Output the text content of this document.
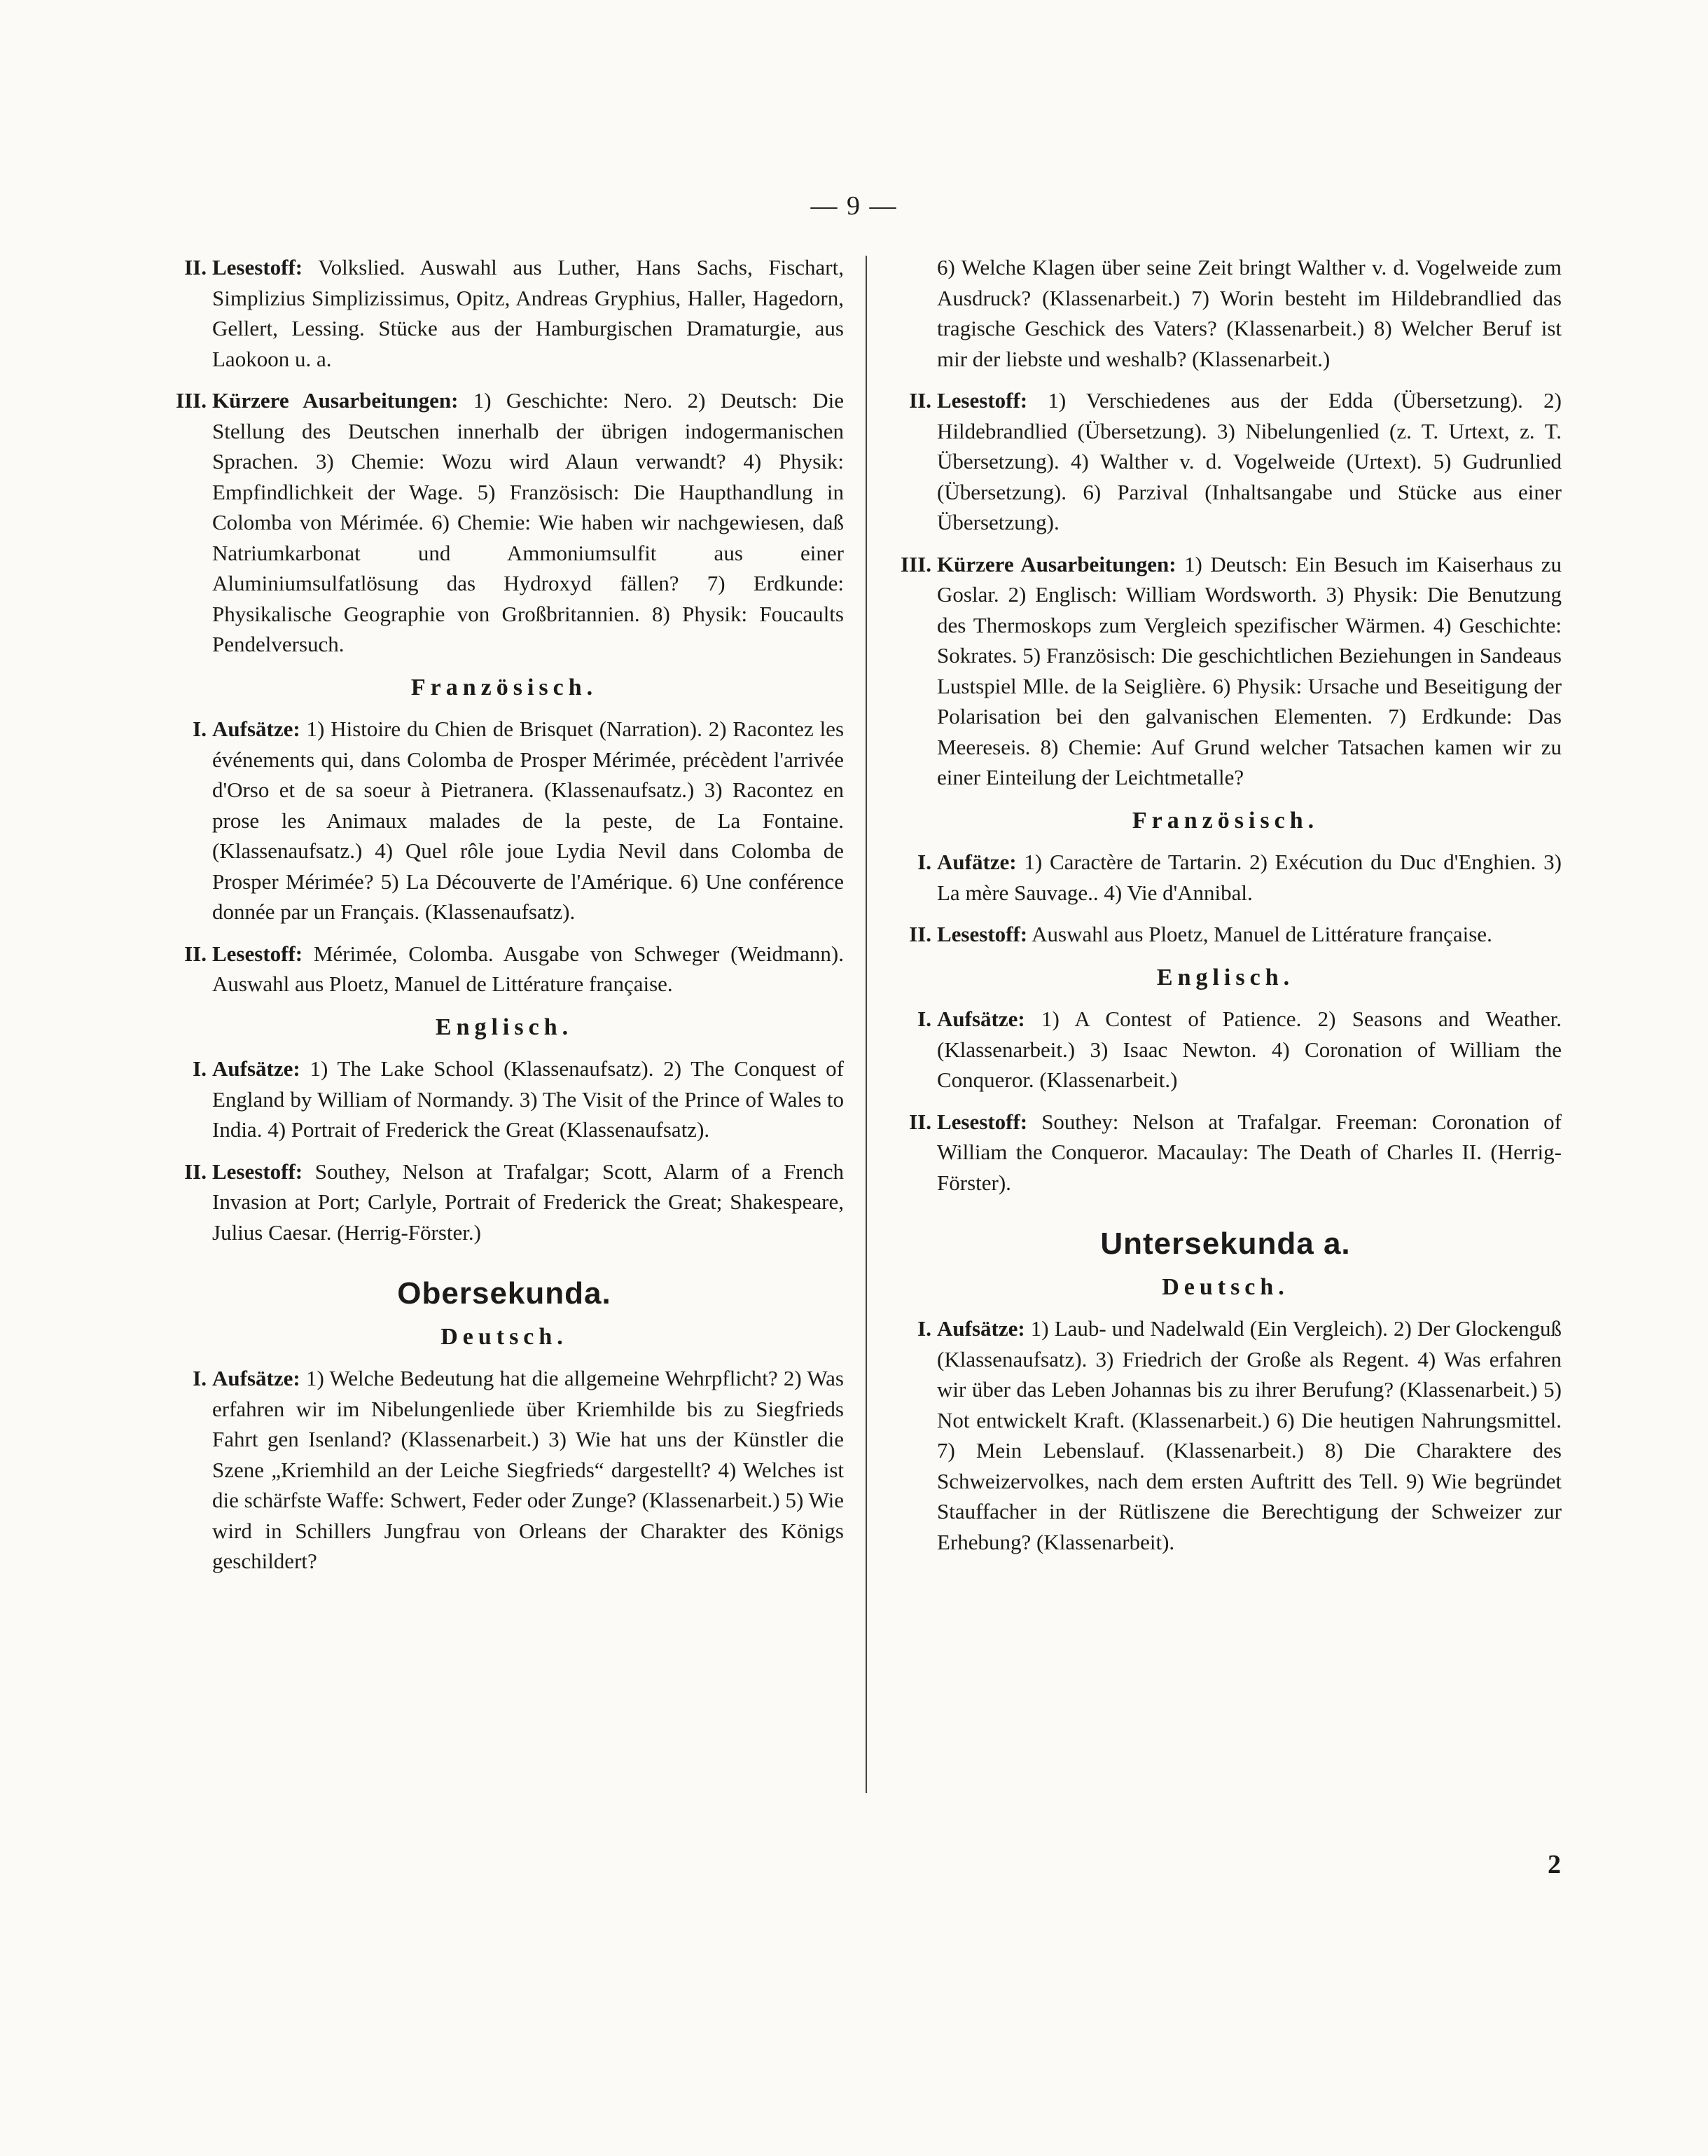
— 9 —

II. Lesestoff: Volkslied. Auswahl aus Luther, Hans Sachs, Fischart, Simplizius Simplizissimus, Opitz, Andreas Gryphius, Haller, Hagedorn, Gellert, Lessing. Stücke aus der Hamburgischen Dramaturgie, aus Laokoon u. a.

III. Kürzere Ausarbeitungen: 1) Geschichte: Nero. 2) Deutsch: Die Stellung des Deutschen innerhalb der übrigen indogermanischen Sprachen. 3) Chemie: Wozu wird Alaun verwandt? 4) Physik: Empfindlichkeit der Wage. 5) Französisch: Die Haupthandlung in Colomba von Mérimée. 6) Chemie: Wie haben wir nachgewiesen, daß Natriumkarbonat und Ammoniumsulfit aus einer Aluminiumsulfatlösung das Hydroxyd fällen? 7) Erdkunde: Physikalische Geographie von Großbritannien. 8) Physik: Foucaults Pendelversuch.

Französisch.

I. Aufsätze: 1) Histoire du Chien de Brisquet (Narration). 2) Racontez les événements qui, dans Colomba de Prosper Mérimée, précèdent l'arrivée d'Orso et de sa soeur à Pietranera. (Klassenaufsatz.) 3) Racontez en prose les Animaux malades de la peste, de La Fontaine. (Klassenaufsatz.) 4) Quel rôle joue Lydia Nevil dans Colomba de Prosper Mérimée? 5) La Découverte de l'Amérique. 6) Une conférence donnée par un Français. (Klassenaufsatz).

II. Lesestoff: Mérimée, Colomba. Ausgabe von Schweger (Weidmann). Auswahl aus Ploetz, Manuel de Littérature française.

Englisch.

I. Aufsätze: 1) The Lake School (Klassenaufsatz). 2) The Conquest of England by William of Normandy. 3) The Visit of the Prince of Wales to India. 4) Portrait of Frederick the Great (Klassenaufsatz).

II. Lesestoff: Southey, Nelson at Trafalgar; Scott, Alarm of a French Invasion at Port; Carlyle, Portrait of Frederick the Great; Shakespeare, Julius Caesar. (Herrig-Förster.)

Obersekunda.
Deutsch.

I. Aufsätze: 1) Welche Bedeutung hat die allgemeine Wehrpflicht? 2) Was erfahren wir im Nibelungenliede über Kriemhilde bis zu Siegfrieds Fahrt gen Isenland? (Klassenarbeit.) 3) Wie hat uns der Künstler die Szene „Kriemhild an der Leiche Siegfrieds“ dargestellt? 4) Welches ist die schärfste Waffe: Schwert, Feder oder Zunge? (Klassenarbeit.) 5) Wie wird in Schillers Jungfrau von Orleans der Charakter des Königs geschildert?

6) Welche Klagen über seine Zeit bringt Walther v. d. Vogelweide zum Ausdruck? (Klassenarbeit.) 7) Worin besteht im Hildebrandlied das tragische Geschick des Vaters? (Klassenarbeit.) 8) Welcher Beruf ist mir der liebste und weshalb? (Klassenarbeit.)

II. Lesestoff: 1) Verschiedenes aus der Edda (Übersetzung). 2) Hildebrandlied (Übersetzung). 3) Nibelungenlied (z. T. Urtext, z. T. Übersetzung). 4) Walther v. d. Vogelweide (Urtext). 5) Gudrunlied (Übersetzung). 6) Parzival (Inhaltsangabe und Stücke aus einer Übersetzung).

III. Kürzere Ausarbeitungen: 1) Deutsch: Ein Besuch im Kaiserhaus zu Goslar. 2) Englisch: William Wordsworth. 3) Physik: Die Benutzung des Thermoskops zum Vergleich spezifischer Wärmen. 4) Geschichte: Sokrates. 5) Französisch: Die geschichtlichen Beziehungen in Sandeaus Lustspiel Mlle. de la Seiglière. 6) Physik: Ursache und Beseitigung der Polarisation bei den galvanischen Elementen. 7) Erdkunde: Das Meereseis. 8) Chemie: Auf Grund welcher Tatsachen kamen wir zu einer Einteilung der Leichtmetalle?

Französisch.

I. Aufätze: 1) Caractère de Tartarin. 2) Exécution du Duc d'Enghien. 3) La mère Sauvage.. 4) Vie d'Annibal.

II. Lesestoff: Auswahl aus Ploetz, Manuel de Littérature française.

Englisch.

I. Aufsätze: 1) A Contest of Patience. 2) Seasons and Weather. (Klassenarbeit.) 3) Isaac Newton. 4) Coronation of William the Conqueror. (Klassenarbeit.)

II. Lesestoff: Southey: Nelson at Trafalgar. Freeman: Coronation of William the Conqueror. Macaulay: The Death of Charles II. (Herrig-Förster).

Untersekunda a.
Deutsch.

I. Aufsätze: 1) Laub- und Nadelwald (Ein Vergleich). 2) Der Glockenguß (Klassenaufsatz). 3) Friedrich der Große als Regent. 4) Was erfahren wir über das Leben Johannas bis zu ihrer Berufung? (Klassenarbeit.) 5) Not entwickelt Kraft. (Klassenarbeit.) 6) Die heutigen Nahrungsmittel. 7) Mein Lebenslauf. (Klassenarbeit.) 8) Die Charaktere des Schweizervolkes, nach dem ersten Auftritt des Tell. 9) Wie begründet Stauffacher in der Rütliszene die Berechtigung der Schweizer zur Erhebung? (Klassenarbeit).

2
